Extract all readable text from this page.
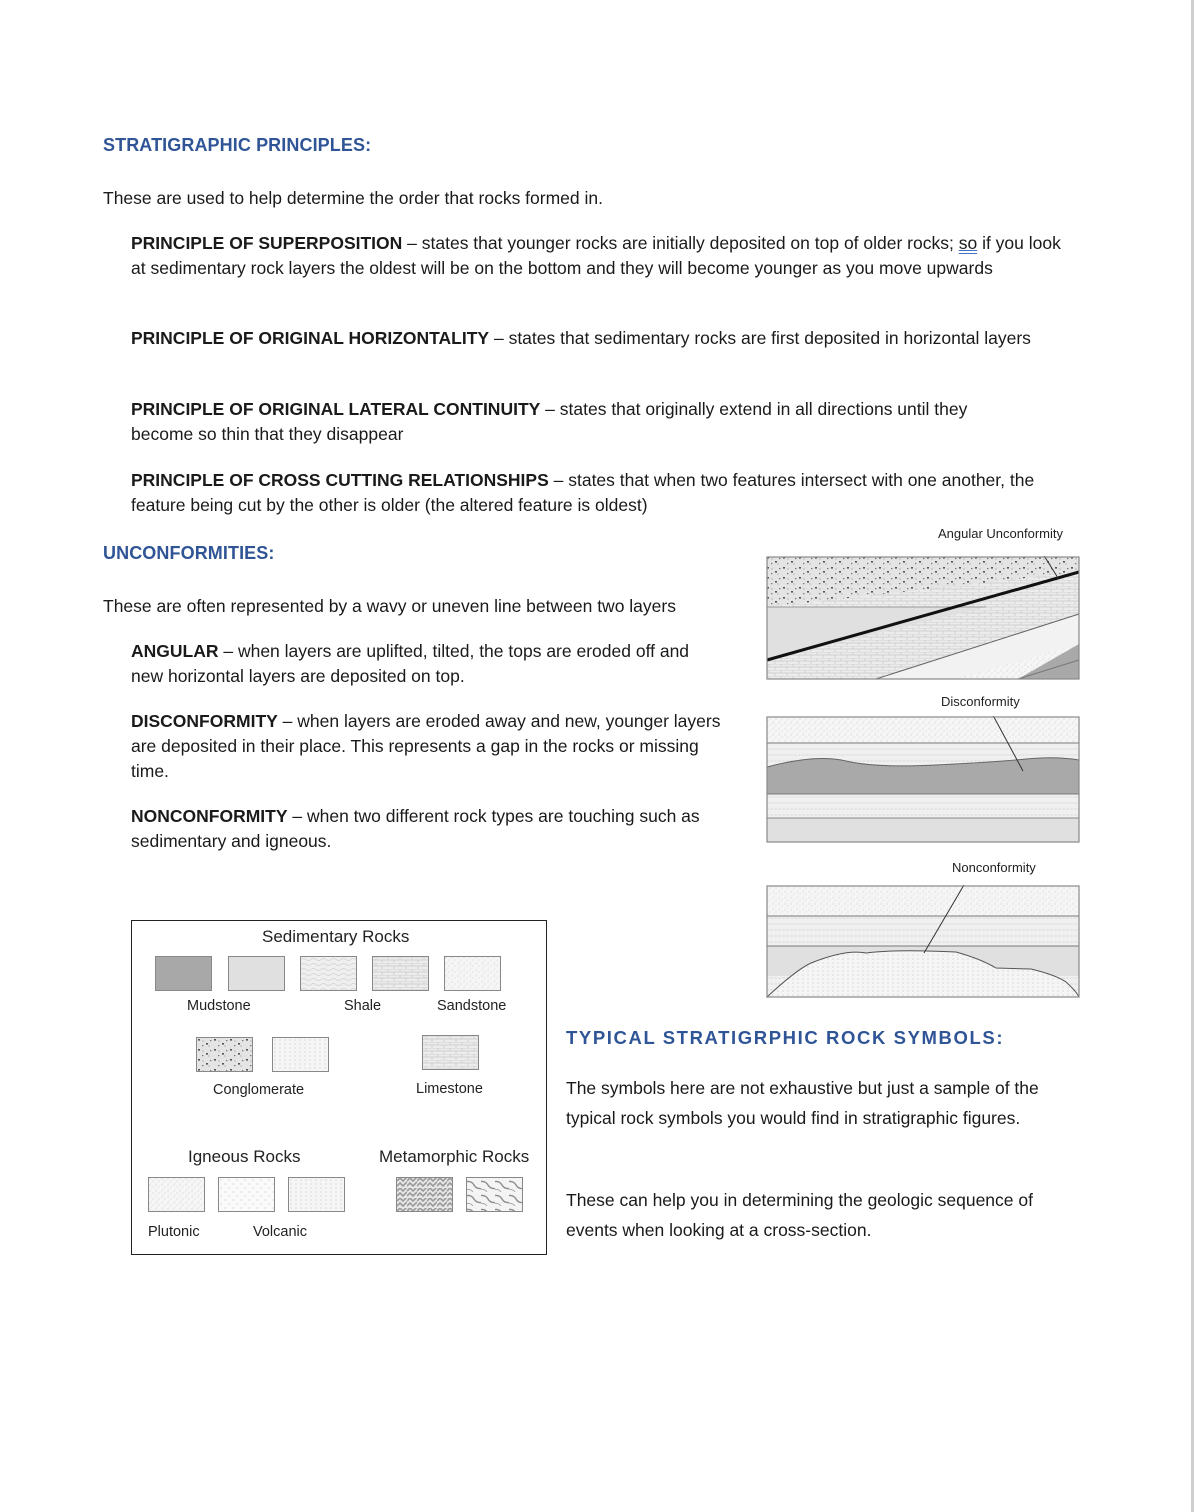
STRATIGRAPHIC PRINCIPLES:

These are used to help determine the order that rocks formed in.

PRINCIPLE OF SUPERPOSITION – states that younger rocks are initially deposited on top of older rocks; so if you look at sedimentary rock layers the oldest will be on the bottom and they will become younger as you move upwards

PRINCIPLE OF ORIGINAL HORIZONTALITY – states that sedimentary rocks are first deposited in horizontal layers

PRINCIPLE OF ORIGINAL LATERAL CONTINUITY – states that originally extend in all directions until they become so thin that they disappear

PRINCIPLE OF CROSS CUTTING RELATIONSHIPS – states that when two features intersect with one another, the feature being cut by the other is older (the altered feature is oldest)

UNCONFORMITIES:

These are often represented by a wavy or uneven line between two layers

ANGULAR – when layers are uplifted, tilted, the tops are eroded off and new horizontal layers are deposited on top.

DISCONFORMITY – when layers are eroded away and new, younger layers are deposited in their place. This represents a gap in the rocks or missing time.

NONCONFORMITY – when two different rock types are touching such as sedimentary and igneous.

Angular Unconformity
Disconformity
Nonconformity
Sedimentary Rocks
Mudstone	Shale	Sandstone
Conglomerate	Limestone
Igneous Rocks	Metamorphic Rocks
Plutonic	Volcanic
TYPICAL STRATIGRPHIC ROCK SYMBOLS:

The symbols here are not exhaustive but just a sample of the typical rock symbols you would find in stratigraphic figures.

These can help you in determining the geologic sequence of events when looking at a cross-section.
